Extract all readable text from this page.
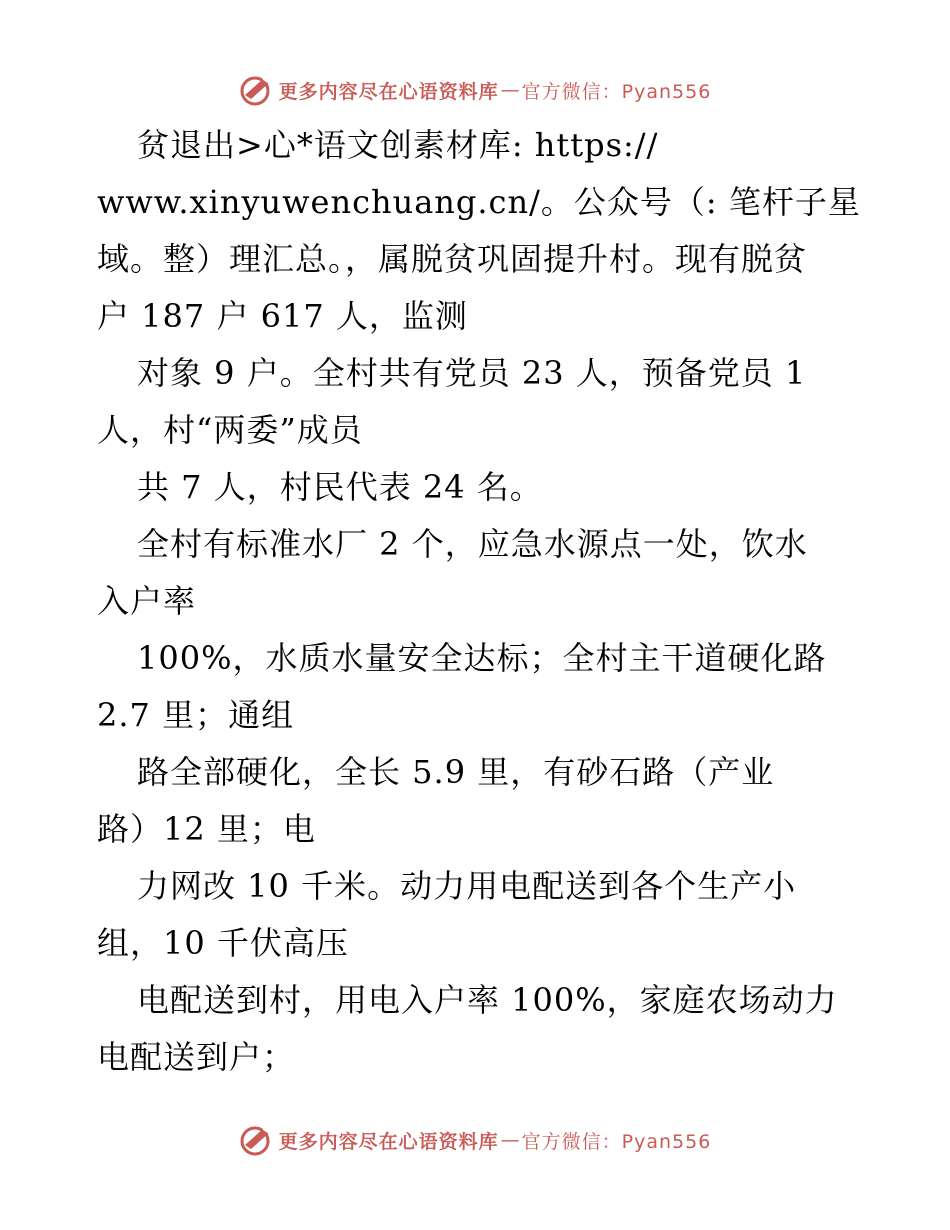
更多内容尽在心语资料库 — 官方微信：Pyan556
贫退出>心*语文创素材库: https://
www.xinyuwenchuang.cn/。公众号（: 笔杆子星
域。整）理汇总。，属脱贫巩固提升村。现有脱贫
户 187 户 617 人，监测
对象 9 户。全村共有党员 23 人，预备党员 1
人，村“两委”成员
共 7 人，村民代表 24 名。
全村有标准水厂 2 个，应急水源点一处，饮水
入户率
100%，水质水量安全达标；全村主干道硬化路
2.7 里；通组
路全部硬化，全长 5.9 里，有砂石路（产业
路）12 里；电
力网改 10 千米。动力用电配送到各个生产小
组，10 千伏高压
电配送到村，用电入户率 100%，家庭农场动力
电配送到户；
更多内容尽在心语资料库 — 官方微信：Pyan556
